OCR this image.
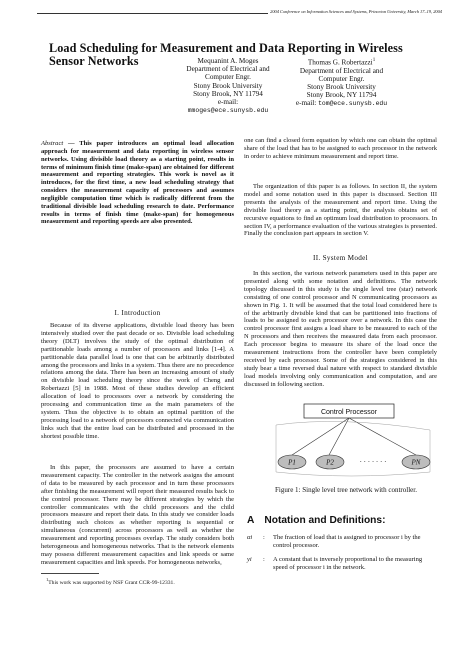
2004 Conference on Information Sciences and Systems, Princeton University, March 17–19, 2004
Load Scheduling for Measurement and Data Reporting in Wireless
Sensor Networks	Mequanint A. Moges
Department of Electrical and
Computer Engr.
Stony Brook University
Stony Brook, NY 11794
e-mail: mmoges@ece.sunysb.edu
Thomas G. Robertazzi$^1$
Department of Electrical and
Computer Engr.
Stony Brook University
Stony Brook, NY 11794
e-mail: tom@ece.sunysb.edu
Abstract — This paper introduces an optimal load allocation approach for measurement and data reporting in wireless sensor networks. Using divisible load theory as a starting point, results in terms of minimum finish time (make-span) are obtained for different measurement and reporting strategies. This work is novel as it introduces, for the first time, a new load scheduling strategy that considers the measurement capacity of processors and assumes negligible computation time which is radically different from the traditional divisible load scheduling research to date. Performance results in terms of finish time (make-span) for homogeneous measurement and reporting speeds are also presented.
I. Introduction
Because of its diverse applications, divisible load theory has been intensively studied over the past decade or so. Divisible load scheduling theory (DLT) involves the study of the optimal distribution of partitionable loads among a number of processors and links [1-4]. A partitionable data parallel load is one that can be arbitrarily distributed among the processors and links in a system. Thus there are no precedence relations among the data. There has been an increasing amount of study on divisible load scheduling theory since the work of Cheng and Robertazzi [5] in 1988. Most of these studies develop an efficient allocation of load to processors over a network by considering the processing and communication time as the main parameters of the system. Thus the objective is to obtain an optimal partition of the processing load to a network of processors connected via communication links such that the entire load can be distributed and processed in the shortest possible time.
In this paper, the processors are assumed to have a certain measurement capacity. The controller in the network assigns the amount of data to be measured by each processor and in turn these processors after finishing the measurement will report their measured results back to the control processor. There may be different strategies by which the controller communicates with the child processors and the child processors measure and report their data. In this study we consider loads distributing such choices as whether reporting is sequential or simultaneous (concurrent) across processors as well as whether the measurement and reporting processes overlap. The study considers both heterogeneous and homogeneous networks. That is the network elements may possess different measurement capacities and link speeds or same measurement capacities and link speeds. For homogeneous networks,
$^1$This work was supported by NSF Grant CCR-99-12331.
one can find a closed form equation by which one can obtain the optimal share of the load that has to be assigned to each processor in the network in order to achieve minimum measurement and report time.
The organization of this paper is as follows. In section II, the system model and some notation used in this paper is discussed. Section III presents the analysis of the measurement and report time. Using the divisible load theory as a starting point, the analysis obtains set of recursive equations to find an optimum load distribution to processors. In section IV, a performance evaluation of the various strategies is presented. Finally the conclusion part appears in section V.
II. System Model
In this section, the various network parameters used in this paper are presented along with some notation and definitions. The network topology discussed in this study is the single level tree (star) network consisting of one control processor and N communicating processors as shown in Fig. 1. It will be assumed that the total load considered here is of the arbitrarily divisible kind that can be partitioned into fractions of loads to be assigned to each processor over a network. In this case the control processor first assigns a load share to be measured to each of the N processors and then receives the measured data from each processor. Each processor begins to measure its share of the load once the measurement instructions from the controller have been completely received by each processor. Some of the strategies considered in this study bear a time reversed dual nature with respect to standard divisible load models involving only communication and computation, and are discussed in following section.
Control Processor
P1	P2	· · · · · · ·	PN
Figure 1: Single level tree network with controller.
A Notation and Definitions:
αi	:	The fraction of load that is assigned to processor i by the control processor.
yi	:	A constant that is inversely proportional to the measuring speed of processor i in the network.
